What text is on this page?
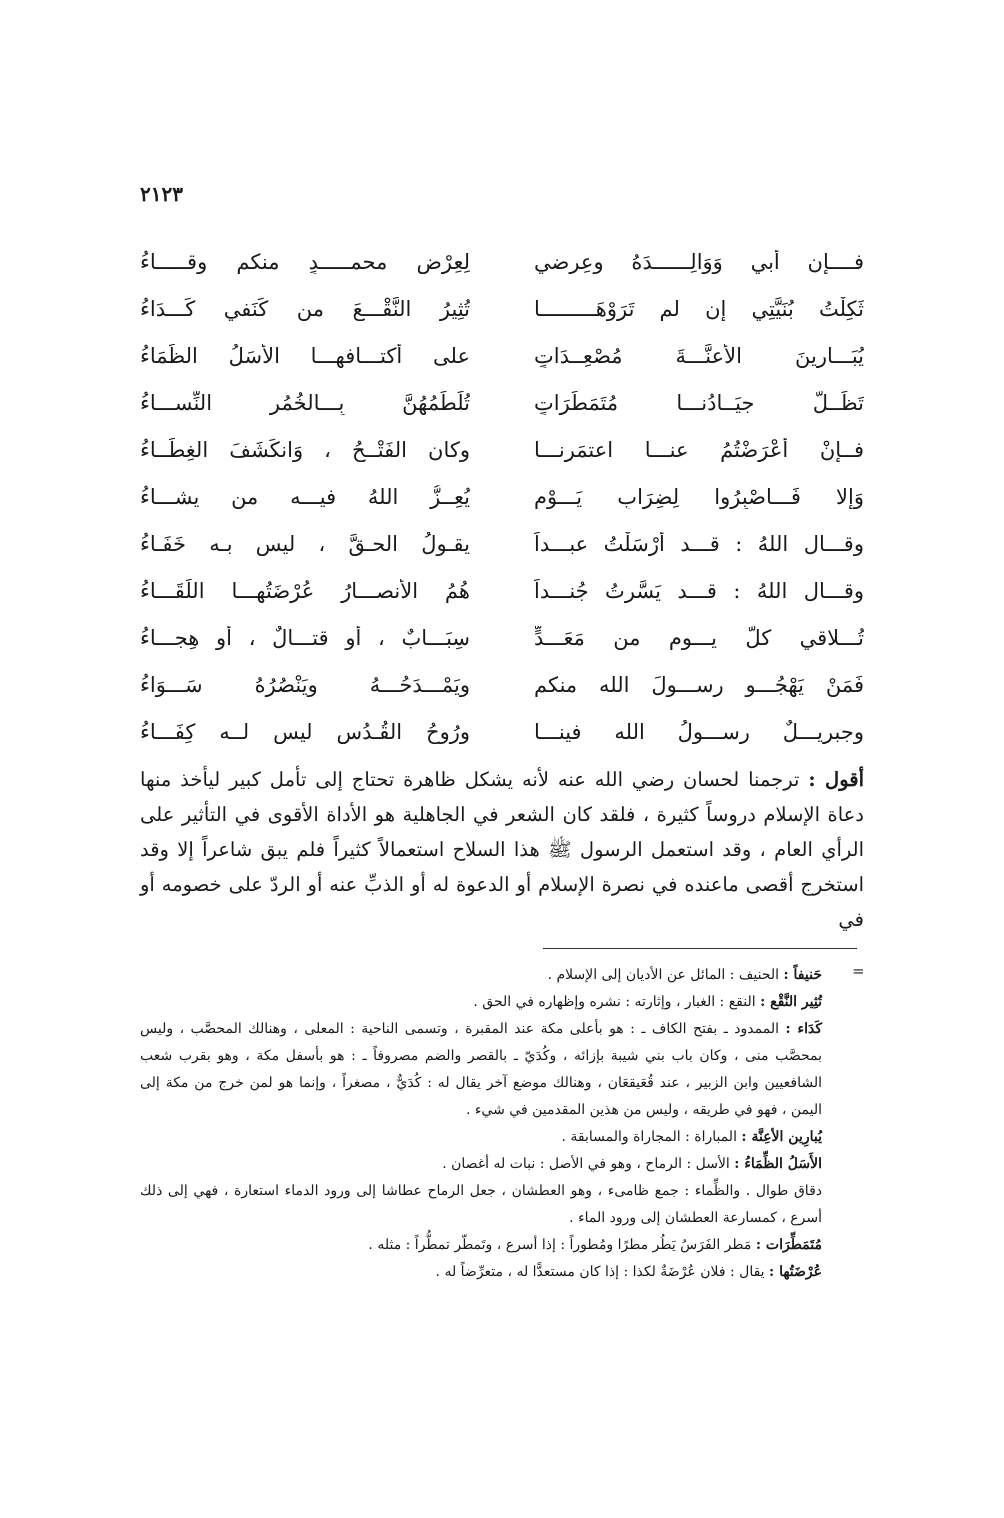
٢١٢٣
فــــإن أبي وَوَالِــــــدَهُ وعِرضي
لِعِرْضِ محمـــــدٍ منكم وقـــــاءُ
ثَكِلْتُ بُنَيَّتِي إن لم تَرَوْهَـــــــــا
تُثِيرُ النَّقْـــعَ من كَنَفي كَـــدَاءُ
يُبَـــارِينَ الأعنَّـــةَ مُصْعِــدَاتٍ
على أكتـــافهـــا الأَسَلُ الظِّمَاءُ
تَظَــلُّ جيَــادُنـــا مُتَمَطِّرَاتٍ
تُلَطِّمُهُنَّ بِـــالخُمُرِ النِّســـاءُ
فــإنْ أعْرَضْتُمُ عنـــا اعتمَرنـــا
وكان الفَتْــحُ ، وَانكَشَفَ الغِطَــاءُ
وَإلا فَـــاصْبِرُوا لِضِرَابِ يَـــوْمٍ
يُعِــزُّ اللهُ فيـــه من يشـــاءُ
وقـــال اللهُ : قـــد أرْسَلْتُ عبـــداً
يقـولُ الحـقَّ ، ليس بـه خَفَـاءُ
وقـــال اللهُ : قـــد يَسَّرتُ جُنـــداً
هُمُ الأنصـــارُ عُرْضَتُهـــا اللِّقَـــاءُ
تُـــلاقي كلَّ يـــومٍ من مَعَـــدٍّ
سِبَـــابٌ ، أو قتـــالٌ ، أو هِجـــاءُ
فَمَنْ يَهْجُـــو رســـولَ الله منكم
ويَمْـــدَحُـــهُ ويَنْصُرُهُ سَـــوَاءُ
وجبريـــلٌ رســـولُ الله فينـــا
ورُوحُ القُـدُسِ ليس لــه كِفَـــاءُ

أقول : ترجمنا لحسان رضي الله عنه لأنه يشكل ظاهرة تحتاج إلى تأمل كبير ليأخذ منها دعاة الإسلام دروساً كثيرة ، فلقد كان الشعر في الجاهلية هو الأداة الأقوى في التأثير على الرأي العام ، وقد استعمل الرسول ﷺ هذا السلاح استعمالاً كثيراً فلم يبق شاعراً إلا وقد استخرج أقصى ماعنده في نصرة الإسلام أو الدعوة له أو الذبِّ عنه أو الردّ على خصومه أو في

=

حَنيفاً : الحنيف : المائل عن الأديان إلى الإسلام .

تُثِير النَّقْع : النقع : الغبار ، وإثارته : نشره وإظهاره في الحق .

كَدَاء : الممدود ـ بفتح الكاف ـ : هو بأعلى مكة عند المقبرة ، وتسمى الناحية : المعلى ، وهنالك المحصَّب ، وليس بمحصَّب منى ، وكان باب بني شيبة بإزائه ، وكُدَيّ ـ بالقصر والضم مصروفاً ـ : هو بأسفل مكة ، وهو بقرب شعب الشافعيين وابن الزبير ، عند قُعَيقعَان ، وهنالك موضع آخر يقال له : كُدَيٌّ ، مصغراً ، وإنما هو لمن خرج من مكة إلى اليمن ، فهو في طريقه ، وليس من هذين المقدمين في شيء .

يُبارِين الأعِنَّة : المباراة : المجاراة والمسابقة .

الأَسَلُ الظِّمَاءُ : الأسل : الرماح ، وهو في الأصل : نبات له أغصان .

دقاق طوال . والظِّماء : جمع ظامىء ، وهو العطشان ، جعل الرماح عطاشا إلى ورود الدماء استعارة ، فهي إلى ذلك أسرع ، كمسارعة العطشان إلى ورود الماء .

مُتَمَطِّرَات : مَطر الفَرَسُ يَطُر مطرًا ومُطوراً : إذا أسرع ، وتَمطّر تمطُّراً : مثله .

عُرْضَتُها : يقال : فلان عُرْضَةٌ لكذا : إذا كان مستعدًّا له ، متعرِّضاً له .
